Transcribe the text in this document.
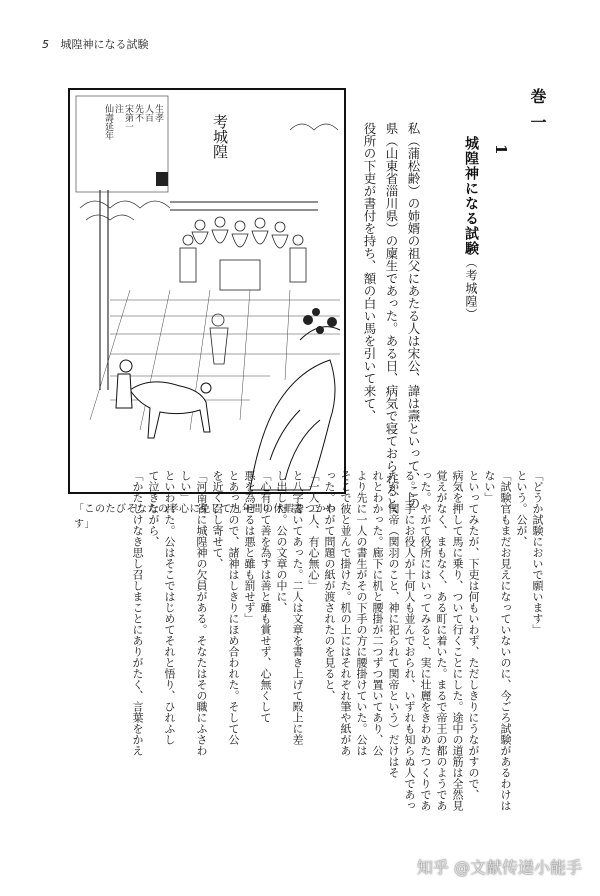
5 城隍神になる試験
考城隍
生孝
人百
先不
宋第一
注
仙壽延年
「このたびそなたの孝心に免じて九年間の休暇をつかわす」
巻一
1
城隍神になる試験（考城隍）
私（蒲松齢）の姉婿の祖父にあたる人は宋公、諱は燾といって、この
県（山東省淄川県）の廩生であった。ある日、病気で寝ておられると、
役所の下吏が書付を持ち、額の白い馬を引いて来て、
「どうか試験においで願います」
という。公が、
「試験官もまだお見えになっていないのに、今ごろ試験があるわけは
ない」
といってみたが、下吏は何もいわず、ただしきりにうながすので、
病気を押して馬に乗り、ついて行くことにした。途中の道筋は全然見
覚えがなく、まもなく、ある町に着いた。まるで帝王の都のようであ
った。やがて役所にはいってみると、実に壮麗をきわめたつくりであ
る。上手にお役人が十何人も並んでおられ、いずれも知らぬ人であっ
たが、関帝（関羽のこと、神に祀られて関帝という）だけはそ
れとわかった。廊下に机と腰掛が二つずつ置いてあり、公
より先に一人の書生がその下手の方に腰掛けていた。公は
そこで彼と並んで掛けた。机の上にはそれぞれ筆や紙があ
った。やがて問題の紙が渡されたのを見ると、
「一人二人、有心無心」
と八字書いてあった。二人は文章を書き上げて殿上に差
し出した。公の文章の中に、
「心有りて善を為すは善と雖も賞せず、心無くして
悪を為せるは悪と雖も罰せず」
とあったので、諸神はしきりにほめ合われた。そして公
を近く召し寄せて、
「河南省に城隍神の欠員がある。そなたはその職にふさわ
しい」
といわれた。公はそこではじめてそれと悟り、ひれふし
て泣きながら、
「かたじけなき思し召しまことにありがたく、言葉をかえ
知乎 @文献传递小能手
